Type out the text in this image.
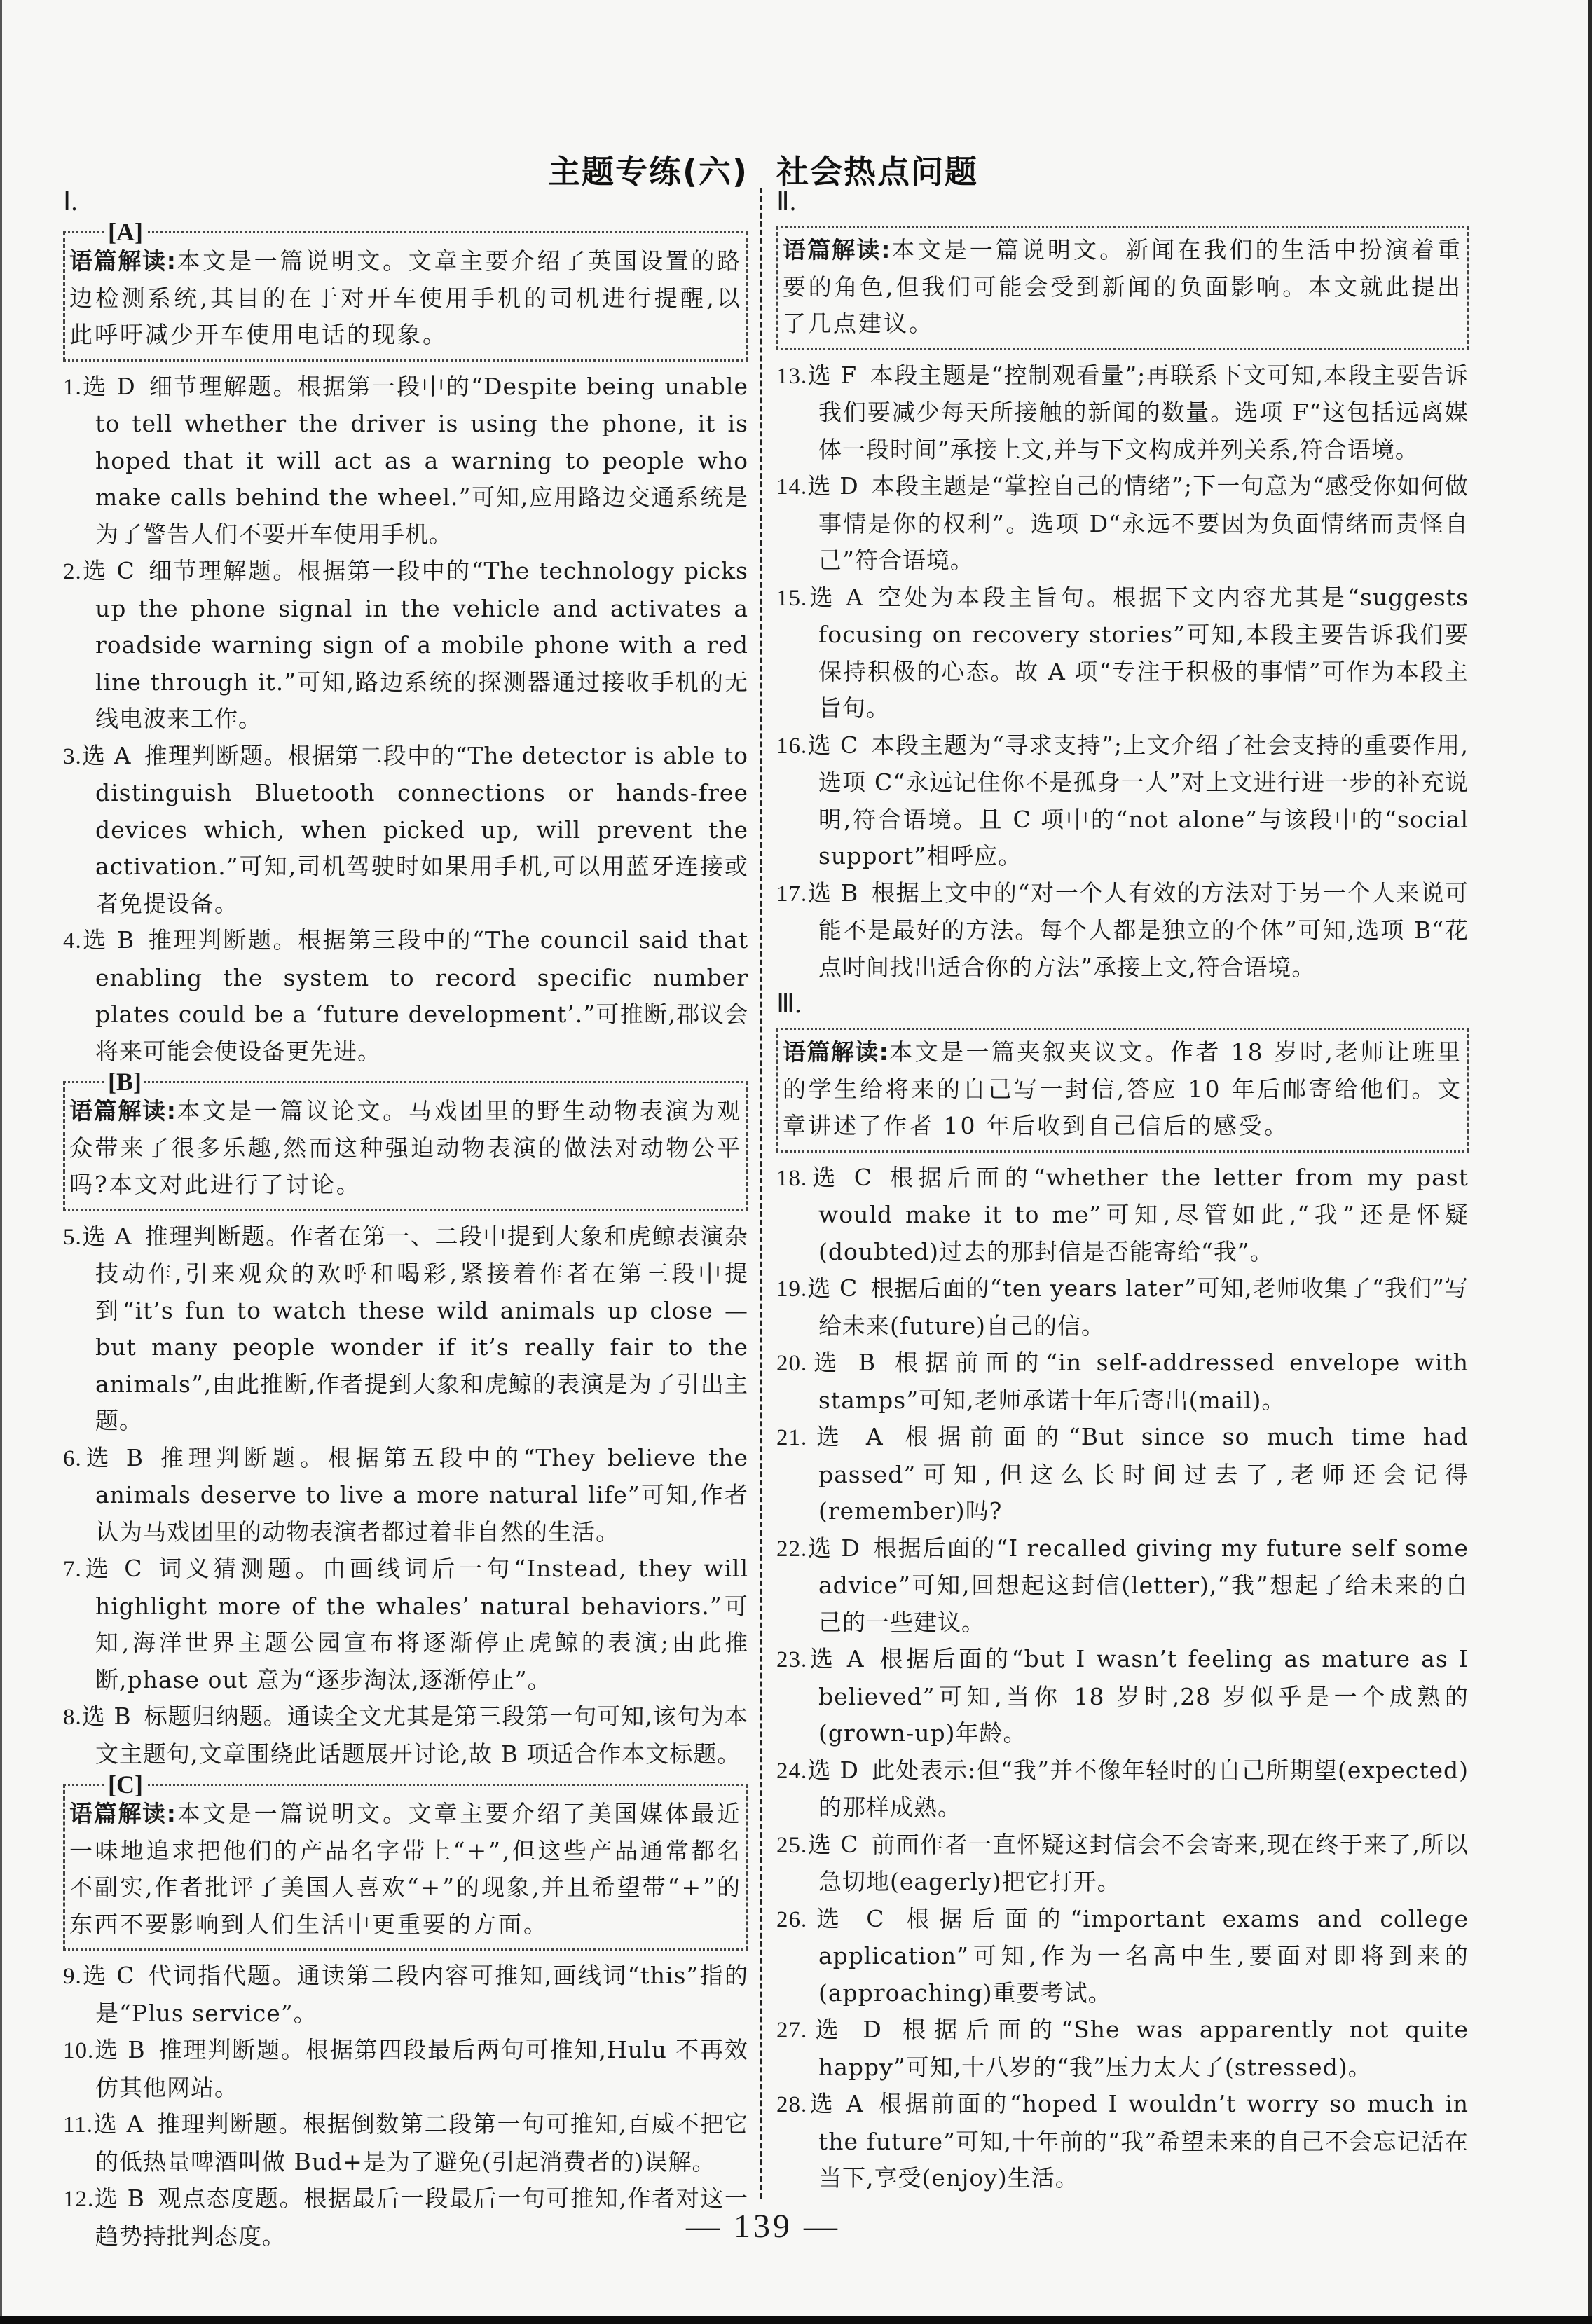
主题专练(六) 社会热点问题
Ⅰ.
[A]
语篇解读:本文是一篇说明文。文章主要介绍了英国设置的路边检测系统,其目的在于对开车使用手机的司机进行提醒,以此呼吁减少开车使用电话的现象。
1.选 D 细节理解题。根据第一段中的“Despite being unable to tell whether the driver is using the phone, it is hoped that it will act as a warning to people who make calls behind the wheel.”可知,应用路边交通系统是为了警告人们不要开车使用手机。
2.选 C 细节理解题。根据第一段中的“The technology picks up the phone signal in the vehicle and activates a roadside warning sign of a mobile phone with a red line through it.”可知,路边系统的探测器通过接收手机的无线电波来工作。
3.选 A 推理判断题。根据第二段中的“The detector is able to distinguish Bluetooth connections or hands-free devices which, when picked up, will prevent the activation.”可知,司机驾驶时如果用手机,可以用蓝牙连接或者免提设备。
4.选 B 推理判断题。根据第三段中的“The council said that enabling the system to record specific number plates could be a ‘future development’.”可推断,郡议会将来可能会使设备更先进。
[B]
语篇解读:本文是一篇议论文。马戏团里的野生动物表演为观众带来了很多乐趣,然而这种强迫动物表演的做法对动物公平吗?本文对此进行了讨论。
5.选 A 推理判断题。作者在第一、二段中提到大象和虎鲸表演杂技动作,引来观众的欢呼和喝彩,紧接着作者在第三段中提到“it’s fun to watch these wild animals up close — but many people wonder if it’s really fair to the animals”,由此推断,作者提到大象和虎鲸的表演是为了引出主题。
6.选 B 推理判断题。根据第五段中的“They believe the animals deserve to live a more natural life”可知,作者认为马戏团里的动物表演者都过着非自然的生活。
7.选 C 词义猜测题。由画线词后一句“Instead, they will highlight more of the whales’ natural behaviors.”可知,海洋世界主题公园宣布将逐渐停止虎鲸的表演;由此推断,phase out 意为“逐步淘汰,逐渐停止”。
8.选 B 标题归纳题。通读全文尤其是第三段第一句可知,该句为本文主题句,文章围绕此话题展开讨论,故 B 项适合作本文标题。
[C]
语篇解读:本文是一篇说明文。文章主要介绍了美国媒体最近一味地追求把他们的产品名字带上“+”,但这些产品通常都名不副实,作者批评了美国人喜欢“+”的现象,并且希望带“+”的东西不要影响到人们生活中更重要的方面。
9.选 C 代词指代题。通读第二段内容可推知,画线词“this”指的是“Plus service”。
10.选 B 推理判断题。根据第四段最后两句可推知,Hulu 不再效仿其他网站。
11.选 A 推理判断题。根据倒数第二段第一句可推知,百威不把它的低热量啤酒叫做 Bud+是为了避免(引起消费者的)误解。
12.选 B 观点态度题。根据最后一段最后一句可推知,作者对这一趋势持批判态度。
Ⅱ.
语篇解读:本文是一篇说明文。新闻在我们的生活中扮演着重要的角色,但我们可能会受到新闻的负面影响。本文就此提出了几点建议。
13.选 F 本段主题是“控制观看量”;再联系下文可知,本段主要告诉我们要减少每天所接触的新闻的数量。选项 F“这包括远离媒体一段时间”承接上文,并与下文构成并列关系,符合语境。
14.选 D 本段主题是“掌控自己的情绪”;下一句意为“感受你如何做事情是你的权利”。选项 D“永远不要因为负面情绪而责怪自己”符合语境。
15.选 A 空处为本段主旨句。根据下文内容尤其是“suggests focusing on recovery stories”可知,本段主要告诉我们要保持积极的心态。故 A 项“专注于积极的事情”可作为本段主旨句。
16.选 C 本段主题为“寻求支持”;上文介绍了社会支持的重要作用,选项 C“永远记住你不是孤身一人”对上文进行进一步的补充说明,符合语境。且 C 项中的“not alone”与该段中的“social support”相呼应。
17.选 B 根据上文中的“对一个人有效的方法对于另一个人来说可能不是最好的方法。每个人都是独立的个体”可知,选项 B“花点时间找出适合你的方法”承接上文,符合语境。
Ⅲ.
语篇解读:本文是一篇夹叙夹议文。作者 18 岁时,老师让班里的学生给将来的自己写一封信,答应 10 年后邮寄给他们。文章讲述了作者 10 年后收到自己信后的感受。
18.选 C 根据后面的“whether the letter from my past would make it to me”可知,尽管如此,“我”还是怀疑(doubted)过去的那封信是否能寄给“我”。
19.选 C 根据后面的“ten years later”可知,老师收集了“我们”写给未来(future)自己的信。
20.选 B 根据前面的“in self-addressed envelope with stamps”可知,老师承诺十年后寄出(mail)。
21.选 A 根据前面的“But since so much time had passed”可知,但这么长时间过去了,老师还会记得(remember)吗?
22.选 D 根据后面的“I recalled giving my future self some advice”可知,回想起这封信(letter),“我”想起了给未来的自己的一些建议。
23.选 A 根据后面的“but I wasn’t feeling as mature as I believed”可知,当你 18 岁时,28 岁似乎是一个成熟的(grown-up)年龄。
24.选 D 此处表示:但“我”并不像年轻时的自己所期望(expected)的那样成熟。
25.选 C 前面作者一直怀疑这封信会不会寄来,现在终于来了,所以急切地(eagerly)把它打开。
26.选 C 根据后面的“important exams and college application”可知,作为一名高中生,要面对即将到来的(approaching)重要考试。
27.选 D 根据后面的“She was apparently not quite happy”可知,十八岁的“我”压力太大了(stressed)。
28.选 A 根据前面的“hoped I wouldn’t worry so much in the future”可知,十年前的“我”希望未来的自己不会忘记活在当下,享受(enjoy)生活。
— 139 —
